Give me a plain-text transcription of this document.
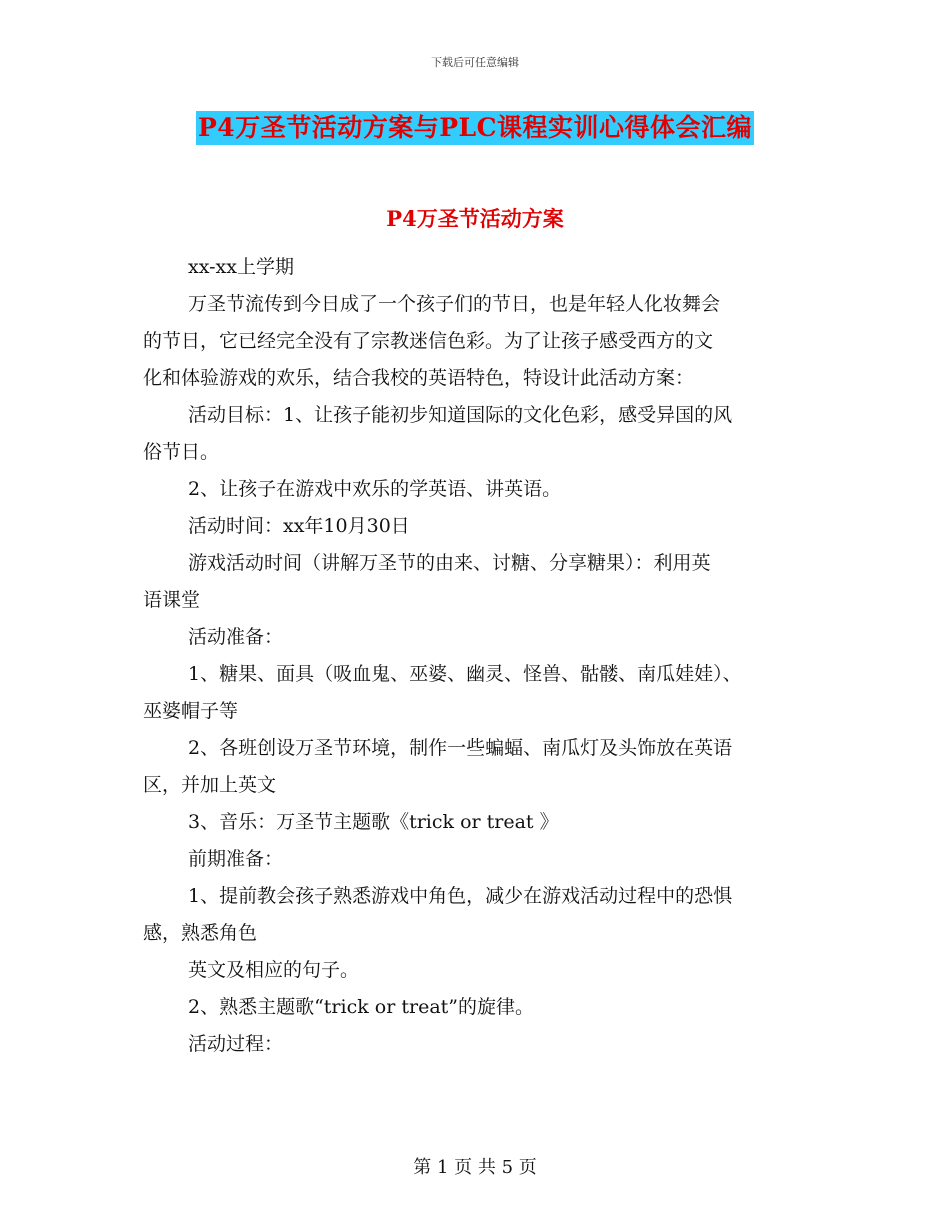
下载后可任意编辑
P4万圣节活动方案与PLC课程实训心得体会汇编
P4万圣节活动方案

xx-xx上学期

万圣节流传到今日成了一个孩子们的节日，也是年轻人化妆舞会

的节日，它已经完全没有了宗教迷信色彩。为了让孩子感受西方的文

化和体验游戏的欢乐，结合我校的英语特色，特设计此活动方案：

活动目标：1、让孩子能初步知道国际的文化色彩，感受异国的风

俗节日。

2、让孩子在游戏中欢乐的学英语、讲英语。

活动时间：xx年10月30日

游戏活动时间（讲解万圣节的由来、讨糖、分享糖果）：利用英

语课堂

活动准备：

1、糖果、面具（吸血鬼、巫婆、幽灵、怪兽、骷髅、南瓜娃娃）、

巫婆帽子等

2、各班创设万圣节环境，制作一些蝙蝠、南瓜灯及头饰放在英语

区，并加上英文

3、音乐：万圣节主题歌《trick or treat 》

前期准备：

1、提前教会孩子熟悉游戏中角色，减少在游戏活动过程中的恐惧

感，熟悉角色

英文及相应的句子。

2、熟悉主题歌“trick or treat”的旋律。

活动过程：

第 1 页 共 5 页
